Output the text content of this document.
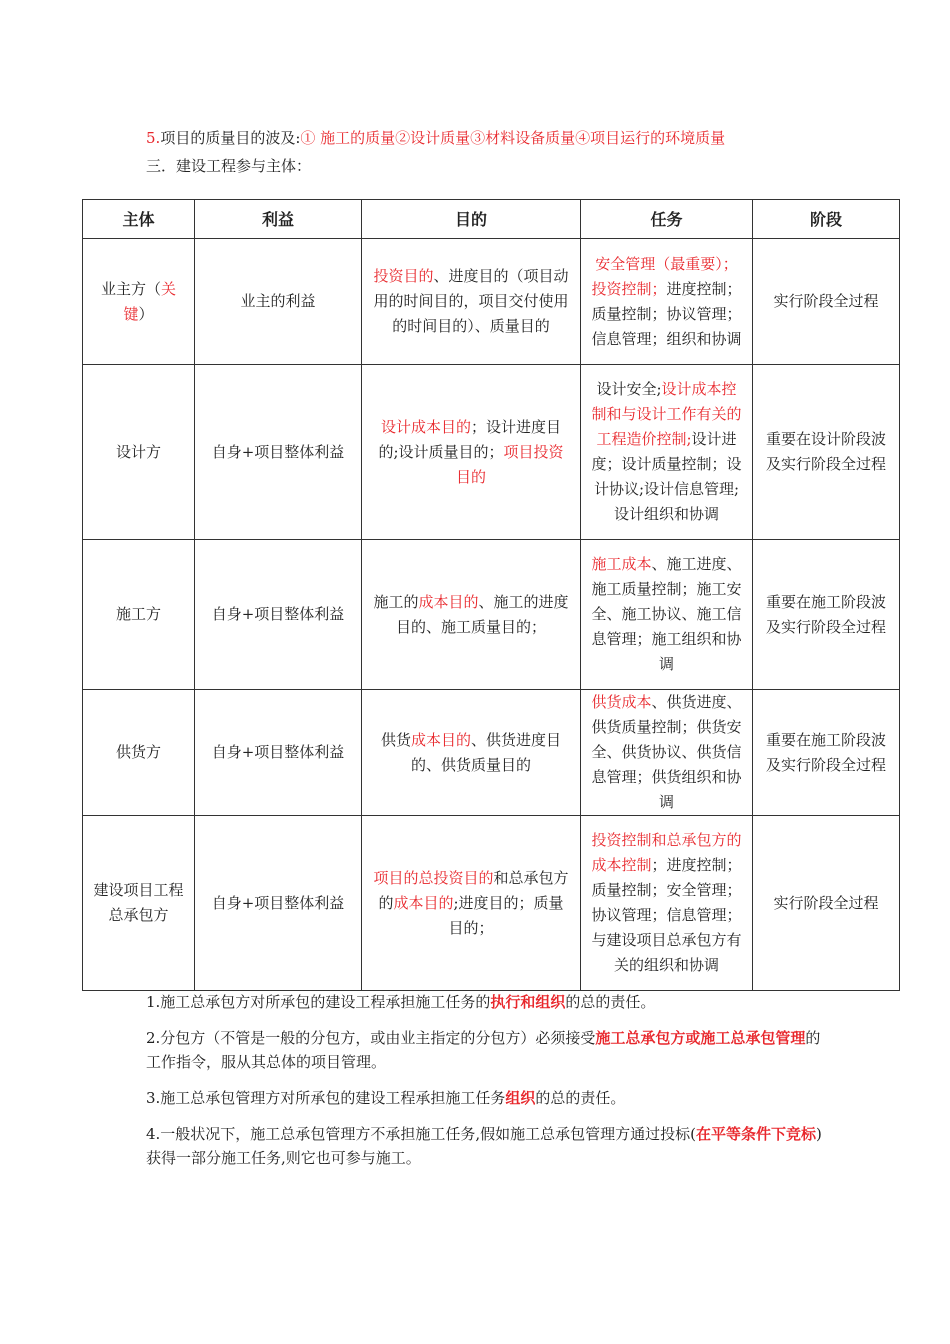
5.项目的质量目的波及:① 施工的质量②设计质量③材料设备质量④项目运行的环境质量
三．建设工程参与主体：
主体	利益	目的	任务	阶段
业主方（关键）	业主的利益	投资目的、进度目的（项目动用的时间目的，项目交付使用的时间目的）、质量目的	安全管理（最重要）；投资控制；进度控制；质量控制；协议管理；信息管理；组织和协调	实行阶段全过程
设计方	自身+项目整体利益	设计成本目的；设计进度目的;设计质量目的；项目投资目的	设计安全;设计成本控制和与设计工作有关的工程造价控制;设计进度；设计质量控制；设计协议;设计信息管理;设计组织和协调	重要在设计阶段波及实行阶段全过程
施工方	自身+项目整体利益	施工的成本目的、施工的进度目的、施工质量目的；	施工成本、施工进度、施工质量控制；施工安全、施工协议、施工信息管理；施工组织和协调	重要在施工阶段波及实行阶段全过程
供货方	自身+项目整体利益	供货成本目的、供货进度目的、供货质量目的	供货成本、供货进度、供货质量控制；供货安全、供货协议、供货信息管理；供货组织和协调	重要在施工阶段波及实行阶段全过程
建设项目工程总承包方	自身+项目整体利益	项目的总投资目的和总承包方的成本目的;进度目的；质量目的；	投资控制和总承包方的成本控制；进度控制；质量控制；安全管理；协议管理；信息管理；与建设项目总承包方有关的组织和协调	实行阶段全过程

1.施工总承包方对所承包的建设工程承担施工任务的执行和组织的总的责任。

2.分包方（不管是一般的分包方，或由业主指定的分包方）必须接受施工总承包方或施工总承包管理的工作指令，服从其总体的项目管理。

3.施工总承包管理方对所承包的建设工程承担施工任务组织的总的责任。

4.一般状况下，施工总承包管理方不承担施工任务,假如施工总承包管理方通过投标(在平等条件下竞标)获得一部分施工任务,则它也可参与施工。
